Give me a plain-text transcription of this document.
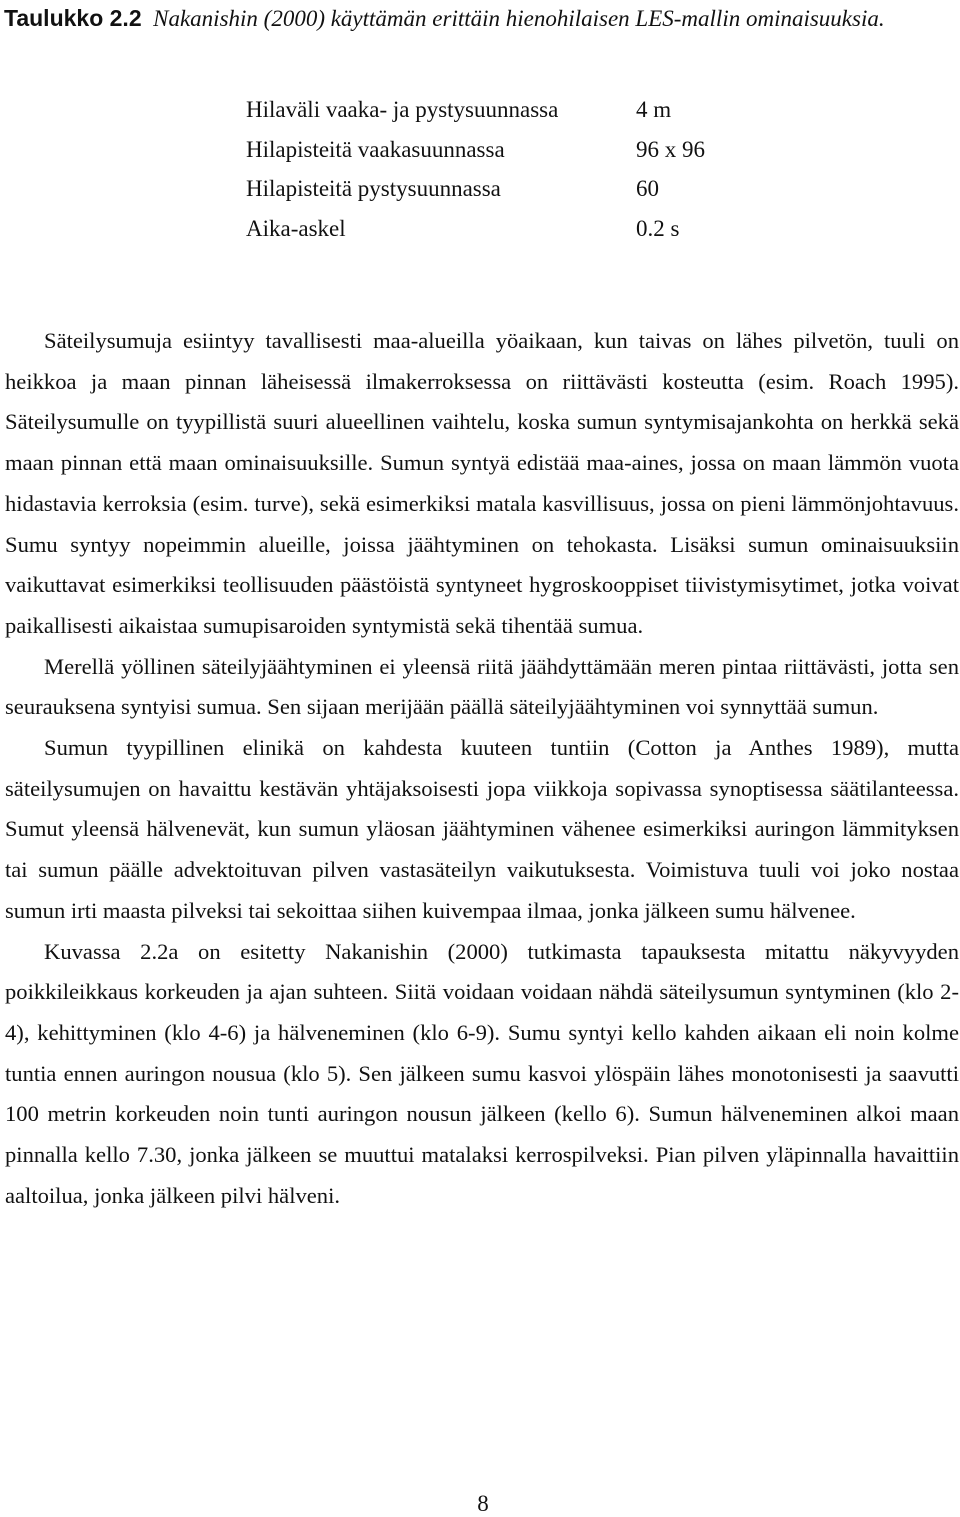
Taulukko 2.2 Nakanishin (2000) käyttämän erittäin hienohilaisen LES-mallin ominaisuuksia.
Hilaväli vaaka- ja pystysuunnassa	4 m
Hilapisteitä vaakasuunnassa	96 x 96
Hilapisteitä pystysuunnassa	60
Aika-askel	0.2 s

Säteilysumuja esiintyy tavallisesti maa-alueilla yöaikaan, kun taivas on lähes pilvetön, tuuli on heikkoa ja maan pinnan läheisessä ilmakerroksessa on riittävästi kosteutta (esim. Roach 1995). Säteilysumulle on tyypillistä suuri alueellinen vaihtelu, koska sumun syntymisajankohta on herkkä sekä maan pinnan että maan ominaisuuksille. Sumun syntyä edistää maa-aines, jossa on maan lämmön vuota hidastavia kerroksia (esim. turve), sekä esimerkiksi matala kasvillisuus, jossa on pieni lämmönjohtavuus. Sumu syntyy nopeimmin alueille, joissa jäähtyminen on tehokasta. Lisäksi sumun ominaisuuksiin vaikuttavat esimerkiksi teollisuuden päästöistä syntyneet hygroskooppiset tiivistymisytimet, jotka voivat paikallisesti aikaistaa sumupisaroiden syntymistä sekä tihentää sumua.

Merellä yöllinen säteilyjäähtyminen ei yleensä riitä jäähdyttämään meren pintaa riittävästi, jotta sen seurauksena syntyisi sumua. Sen sijaan merijään päällä säteilyjäähtyminen voi synnyttää sumun.

Sumun tyypillinen elinikä on kahdesta kuuteen tuntiin (Cotton ja Anthes 1989), mutta säteilysumujen on havaittu kestävän yhtäjaksoisesti jopa viikkoja sopivassa synoptisessa säätilanteessa. Sumut yleensä hälvenevät, kun sumun yläosan jäähtyminen vähenee esimerkiksi auringon lämmityksen tai sumun päälle advektoituvan pilven vastasäteilyn vaikutuksesta. Voimistuva tuuli voi joko nostaa sumun irti maasta pilveksi tai sekoittaa siihen kuivempaa ilmaa, jonka jälkeen sumu hälvenee.

Kuvassa 2.2a on esitetty Nakanishin (2000) tutkimasta tapauksesta mitattu näkyvyyden poikkileikkaus korkeuden ja ajan suhteen. Siitä voidaan voidaan nähdä säteilysumun syntyminen (klo 2-4), kehittyminen (klo 4-6) ja hälveneminen (klo 6-9). Sumu syntyi kello kahden aikaan eli noin kolme tuntia ennen auringon nousua (klo 5). Sen jälkeen sumu kasvoi ylöspäin lähes monotonisesti ja saavutti 100 metrin korkeuden noin tunti auringon nousun jälkeen (kello 6). Sumun hälveneminen alkoi maan pinnalla kello 7.30, jonka jälkeen se muuttui matalaksi kerrospilveksi. Pian pilven yläpinnalla havaittiin aaltoilua, jonka jälkeen pilvi hälveni.

8
